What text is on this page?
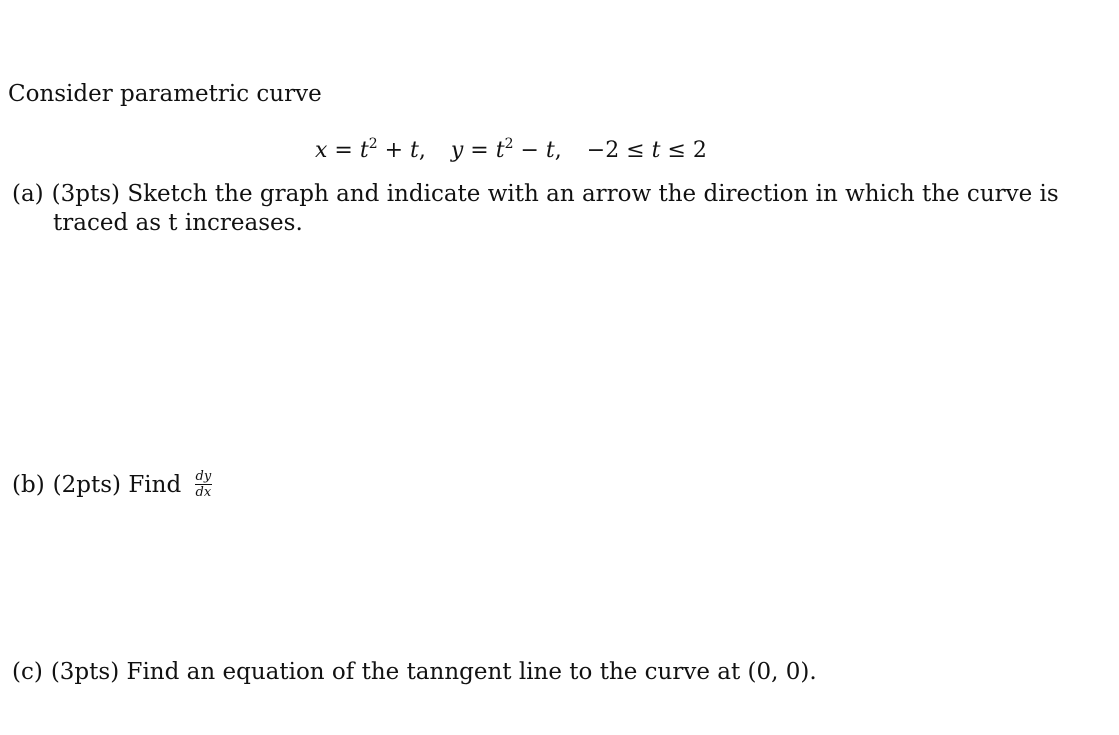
Consider parametric curve
$x = t^2 + t$, $y = t^2 - t$, −2 ≤ t ≤ 2
(a) (3pts) Sketch the graph and indicate with an arrow the direction in which the curve is
traced as t increases.
(b) (2pts) Find $\frac{dy}{dx}$
(c) (3pts) Find an equation of the tanngent line to the curve at (0, 0).
